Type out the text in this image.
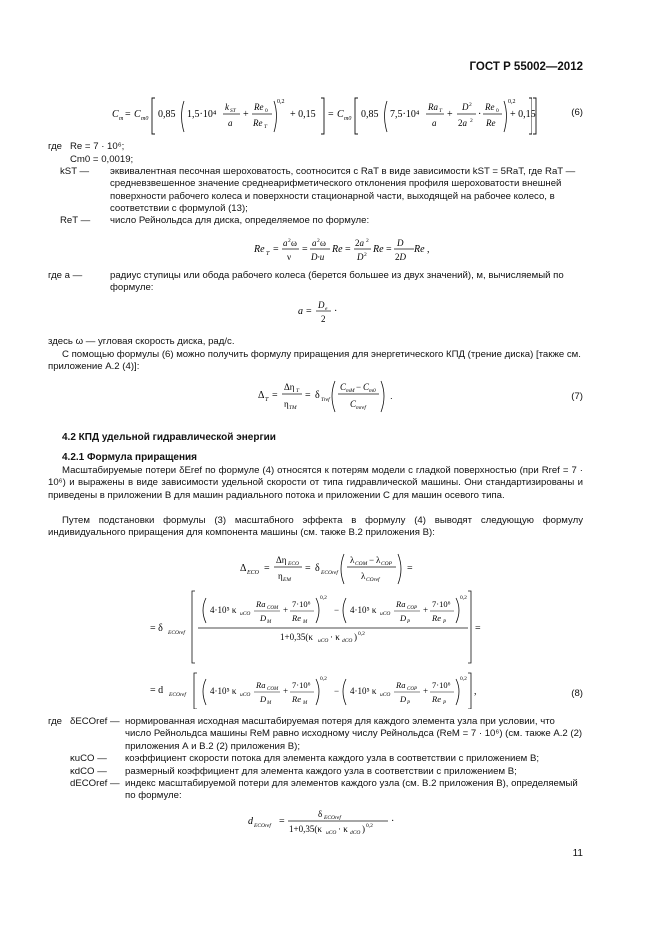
ГОСТ Р 55002—2012
C m = C m0 0,85 1,5·10⁴
k ST
a
+
Re 0
Re T
0,2
+ 0,15 = C m0 0,85 7,5·10⁴
Ra T
a
+
D 2
2a 2
·
Re 0
Re
0,2
+ 0,15	(6)
где Re = 7 · 10⁶;
Cm0 = 0,0019;
kST — эквивалентная песочная шероховатость, соотносится с RaT в виде зависимости kST = 5RaT, где RaT — средневзвешенное значение среднеарифметического отклонения профиля шероховатости внешней поверхности рабочего колеса и поверхности стационарной части, выходящей на рабочее колесо, в соответствии с формулой (13);
ReT — число Рейнольдса для диска, определяемое по формуле:
Re T =
a 2 ω
ν
=
a 2 ω
D·u
Re =
2a 2
D 2 Re =
D
2D
Re ,
где a —	радиус ступицы или обода рабочего колеса (берется большее из двух значений), м, вычисляемый по формуле:
a =
D e
2
·
здесь ω — угловая скорость диска, рад/с.
С помощью формулы (6) можно получить формулу приращения для энергетического КПД (трение диска) [также см. приложение А.2 (4)]:
Δ T =
Δη T
η TM
= δ Tref
C mM − C m0
C mref
.	(7)
4.2 КПД удельной гидравлической энергии
4.2.1 Формула приращения
Масштабируемые потери δEref по формуле (4) относятся к потерям модели с гладкой поверхностью (при Rref = 7 · 10⁶) и выражены в виде зависимости удельной скорости от типа гидравлической машины. Они стандартизированы и приведены в приложении В для машин радиального потока и приложении С для машин осевого типа.
Путем подстановки формулы (3) масштабного эффекта в формулу (4) выводят следующую формулу индивидуального приращения для компонента машины (см. также В.2 приложения В):
Δ ECO =
Δη ECO
η EM
= δ ECOref
λ COM − λ COP
λ COref
=
= δ ECOref
4·10⁵ κ uCO
Ra COM
D M
+
7·10⁶
Re M
0,2
− 4·10⁵ κ uCO
Ra COP
D P
+
7·10⁶
Re P
0,2
1+0,35(κ uCO · κ dCO ) 0,2	=
= d ECOref	4·10⁵ κ uCO
Ra COM
D M
+
7·10⁶
Re M
0,2
− 4·10⁵ κ uCO
Ra COP
D P
+
7·10⁶
Re P
0,2
,	(8)
где δECOref — нормированная исходная масштабируемая потеря для каждого элемента узла при условии, что число Рейнольдса машины ReM равно исходному числу Рейнольдса (ReM = 7 · 10⁶) (см. также А.2 (2) приложения А и В.2 (2) приложения В);
κuCO — коэффициент скорости потока для элемента каждого узла в соответствии с приложением В;
κdCO — размерный коэффициент для элемента каждого узла в соответствии с приложением В;
dECOref — индекс масштабируемой потери для элементов каждого узла (см. В.2 приложения В), определяемый по формуле:
d ECOref =
δ ECOref
1+0,35(κ uCO · κ dCO ) 0,2 ·
11
